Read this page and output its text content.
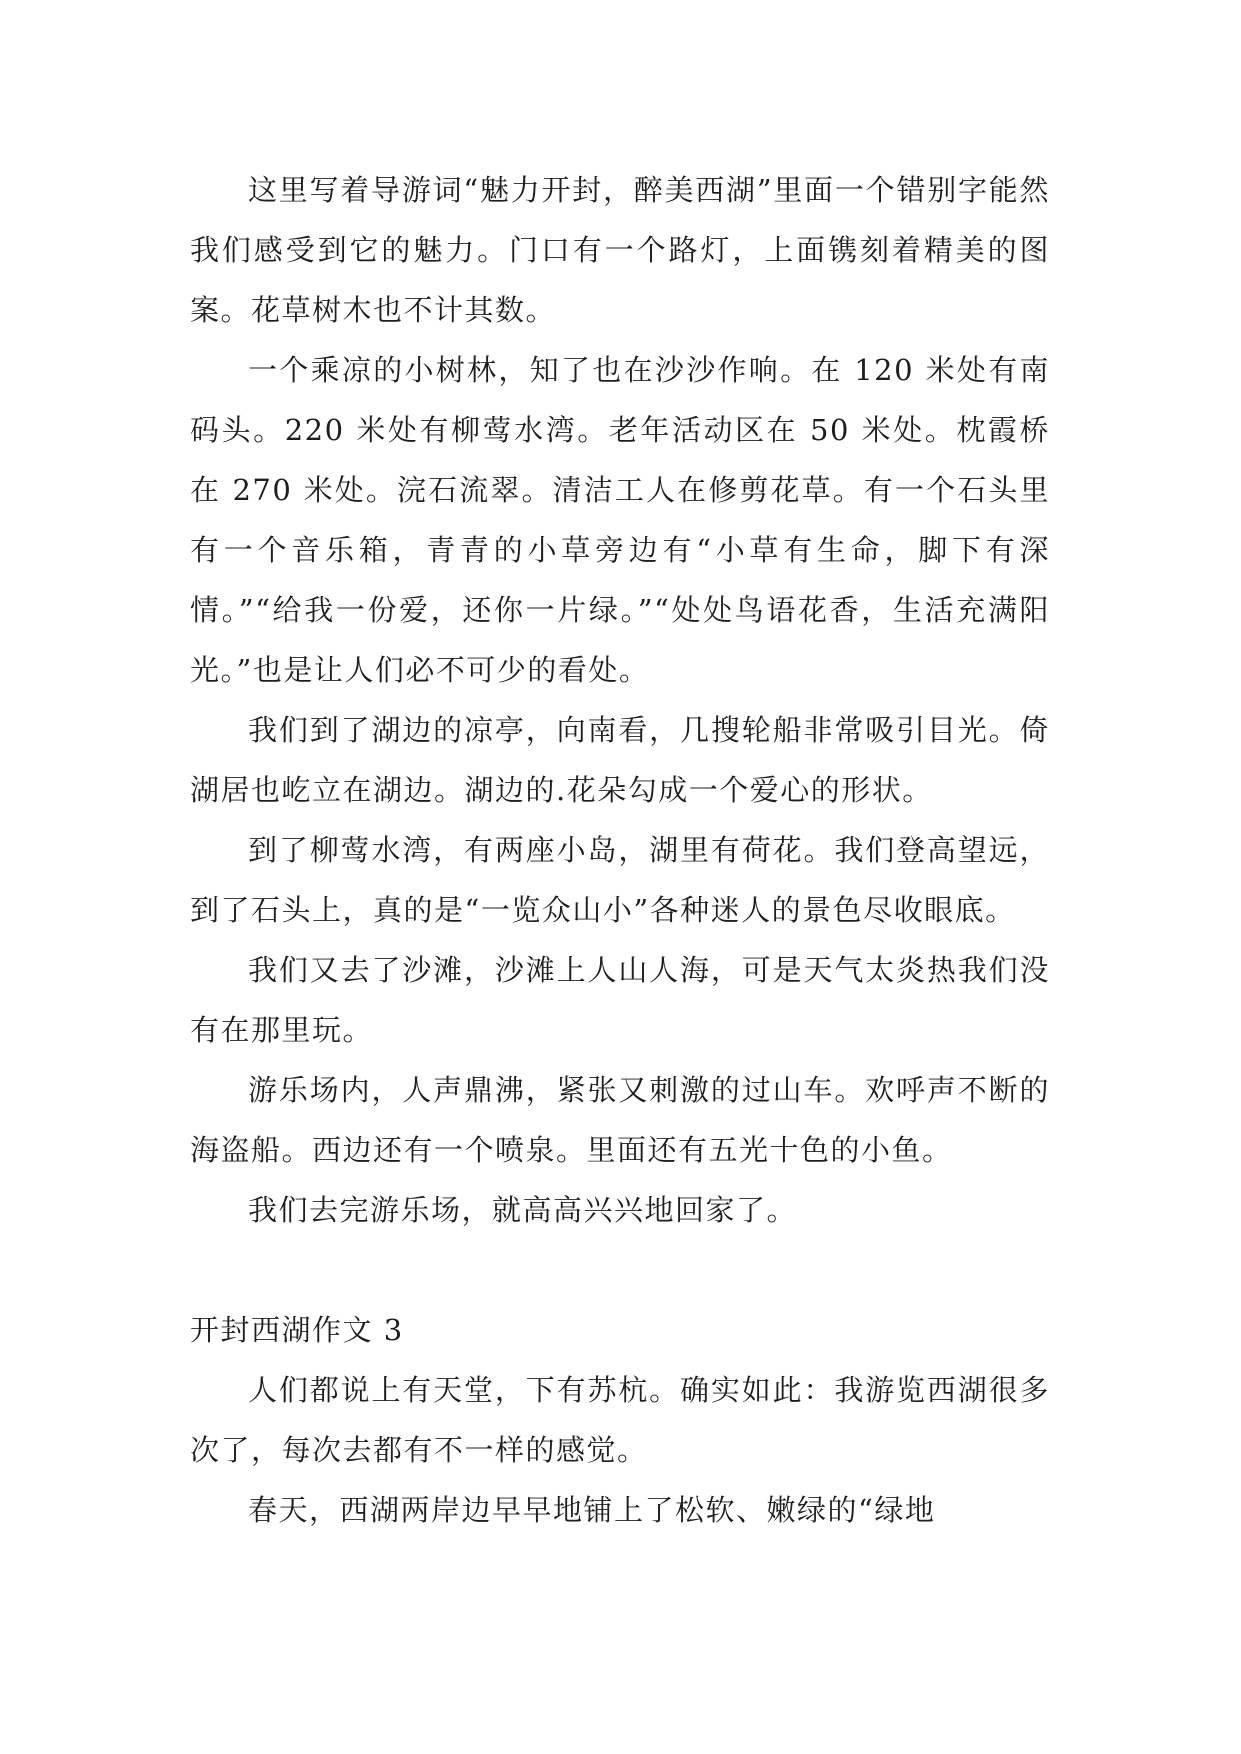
这里写着导游词“魅力开封，醉美西湖”里面一个错别字能然我们感受到它的魅力。门口有一个路灯，上面镌刻着精美的图案。花草树木也不计其数。

一个乘凉的小树林，知了也在沙沙作响。在 120 米处有南码头。220 米处有柳莺水湾。老年活动区在 50 米处。枕霞桥在 270 米处。浣石流翠。清洁工人在修剪花草。有一个石头里有一个音乐箱，青青的小草旁边有“小草有生命，脚下有深情。”“给我一份爱，还你一片绿。”“处处鸟语花香，生活充满阳光。”也是让人们必不可少的看处。

我们到了湖边的凉亭，向南看，几搜轮船非常吸引目光。倚湖居也屹立在湖边。湖边的.花朵勾成一个爱心的形状。

到了柳莺水湾，有两座小岛，湖里有荷花。我们登高望远，到了石头上，真的是“一览众山小”各种迷人的景色尽收眼底。

我们又去了沙滩，沙滩上人山人海，可是天气太炎热我们没有在那里玩。

游乐场内，人声鼎沸，紧张又刺激的过山车。欢呼声不断的海盗船。西边还有一个喷泉。里面还有五光十色的小鱼。

我们去完游乐场，就高高兴兴地回家了。

开封西湖作文 3

人们都说上有天堂，下有苏杭。确实如此：我游览西湖很多次了，每次去都有不一样的感觉。

春天，西湖两岸边早早地铺上了松软、嫩绿的“绿地
